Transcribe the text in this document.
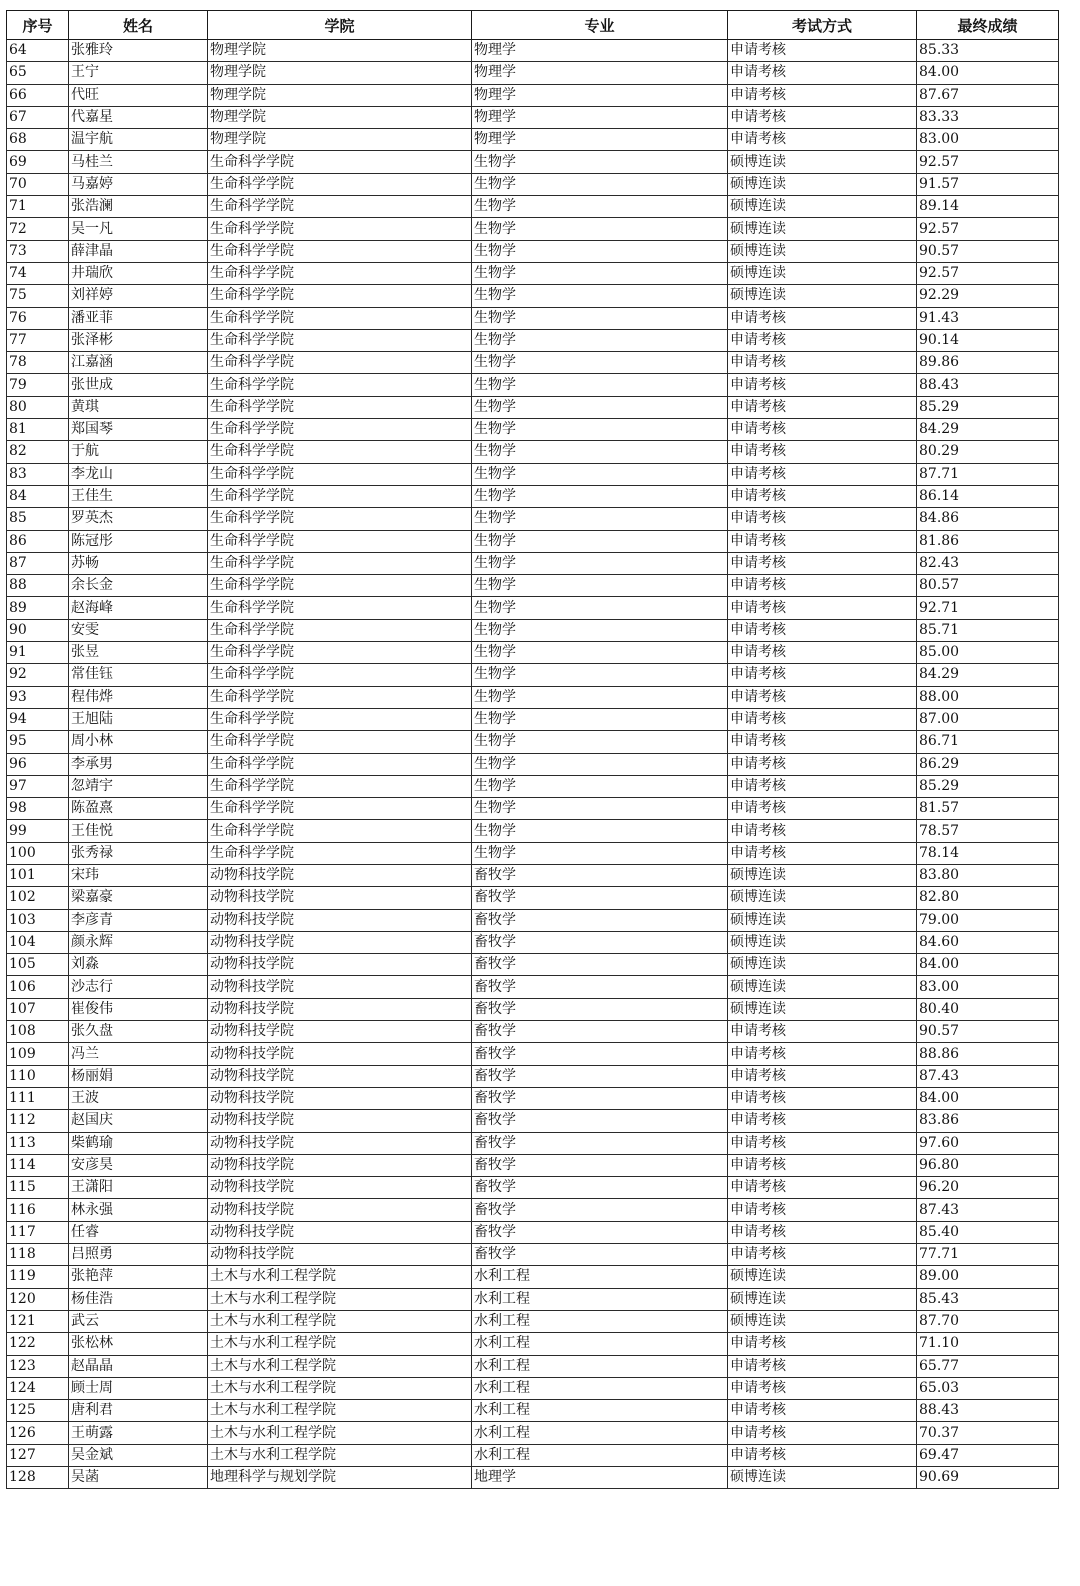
序号	姓名	学院	专业	考试方式	最终成绩
64	张雅玲	物理学院	物理学	申请考核	85.33
65	王宁	物理学院	物理学	申请考核	84.00
66	代旺	物理学院	物理学	申请考核	87.67
67	代嘉星	物理学院	物理学	申请考核	83.33
68	温宇航	物理学院	物理学	申请考核	83.00
69	马桂兰	生命科学学院	生物学	硕博连读	92.57
70	马嘉婷	生命科学学院	生物学	硕博连读	91.57
71	张浩澜	生命科学学院	生物学	硕博连读	89.14
72	吴一凡	生命科学学院	生物学	硕博连读	92.57
73	薛津晶	生命科学学院	生物学	硕博连读	90.57
74	井瑞欣	生命科学学院	生物学	硕博连读	92.57
75	刘祥婷	生命科学学院	生物学	硕博连读	92.29
76	潘亚菲	生命科学学院	生物学	申请考核	91.43
77	张泽彬	生命科学学院	生物学	申请考核	90.14
78	江嘉涵	生命科学学院	生物学	申请考核	89.86
79	张世成	生命科学学院	生物学	申请考核	88.43
80	黄琪	生命科学学院	生物学	申请考核	85.29
81	郑国琴	生命科学学院	生物学	申请考核	84.29
82	于航	生命科学学院	生物学	申请考核	80.29
83	李龙山	生命科学学院	生物学	申请考核	87.71
84	王佳生	生命科学学院	生物学	申请考核	86.14
85	罗英杰	生命科学学院	生物学	申请考核	84.86
86	陈冠彤	生命科学学院	生物学	申请考核	81.86
87	苏畅	生命科学学院	生物学	申请考核	82.43
88	余长金	生命科学学院	生物学	申请考核	80.57
89	赵海峰	生命科学学院	生物学	申请考核	92.71
90	安雯	生命科学学院	生物学	申请考核	85.71
91	张昱	生命科学学院	生物学	申请考核	85.00
92	常佳钰	生命科学学院	生物学	申请考核	84.29
93	程伟烨	生命科学学院	生物学	申请考核	88.00
94	王旭陆	生命科学学院	生物学	申请考核	87.00
95	周小林	生命科学学院	生物学	申请考核	86.71
96	李承男	生命科学学院	生物学	申请考核	86.29
97	忽靖宇	生命科学学院	生物学	申请考核	85.29
98	陈盈熹	生命科学学院	生物学	申请考核	81.57
99	王佳悦	生命科学学院	生物学	申请考核	78.57
100	张秀禄	生命科学学院	生物学	申请考核	78.14
101	宋玮	动物科技学院	畜牧学	硕博连读	83.80
102	梁嘉豪	动物科技学院	畜牧学	硕博连读	82.80
103	李彦青	动物科技学院	畜牧学	硕博连读	79.00
104	颜永辉	动物科技学院	畜牧学	硕博连读	84.60
105	刘淼	动物科技学院	畜牧学	硕博连读	84.00
106	沙志行	动物科技学院	畜牧学	硕博连读	83.00
107	崔俊伟	动物科技学院	畜牧学	硕博连读	80.40
108	张久盘	动物科技学院	畜牧学	申请考核	90.57
109	冯兰	动物科技学院	畜牧学	申请考核	88.86
110	杨丽娟	动物科技学院	畜牧学	申请考核	87.43
111	王波	动物科技学院	畜牧学	申请考核	84.00
112	赵国庆	动物科技学院	畜牧学	申请考核	83.86
113	柴鹤瑜	动物科技学院	畜牧学	申请考核	97.60
114	安彦昊	动物科技学院	畜牧学	申请考核	96.80
115	王潇阳	动物科技学院	畜牧学	申请考核	96.20
116	林永强	动物科技学院	畜牧学	申请考核	87.43
117	任睿	动物科技学院	畜牧学	申请考核	85.40
118	吕照勇	动物科技学院	畜牧学	申请考核	77.71
119	张艳萍	土木与水利工程学院	水利工程	硕博连读	89.00
120	杨佳浩	土木与水利工程学院	水利工程	硕博连读	85.43
121	武云	土木与水利工程学院	水利工程	硕博连读	87.70
122	张松林	土木与水利工程学院	水利工程	申请考核	71.10
123	赵晶晶	土木与水利工程学院	水利工程	申请考核	65.77
124	顾士周	土木与水利工程学院	水利工程	申请考核	65.03
125	唐利君	土木与水利工程学院	水利工程	申请考核	88.43
126	王萌露	土木与水利工程学院	水利工程	申请考核	70.37
127	吴金斌	土木与水利工程学院	水利工程	申请考核	69.47
128	吴菡	地理科学与规划学院	地理学	硕博连读	90.69
